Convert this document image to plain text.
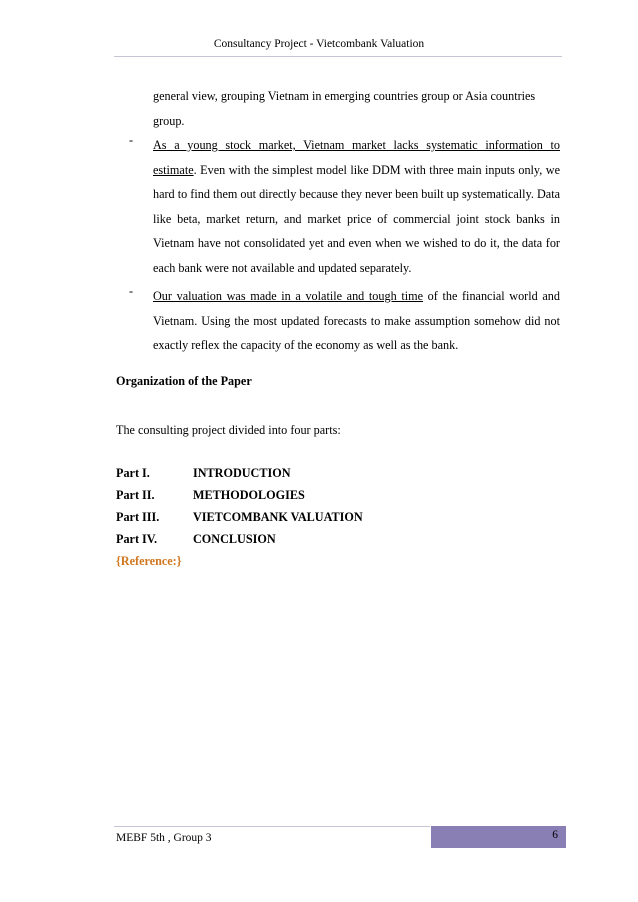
Consultancy Project - Vietcombank Valuation
general view, grouping Vietnam in emerging countries group or Asia countries
group.
- As a young stock market, Vietnam market lacks systematic information to estimate. Even with the simplest model like DDM with three main inputs only, we hard to find them out directly because they never been built up systematically. Data like beta, market return, and market price of commercial joint stock banks in Vietnam have not consolidated yet and even when we wished to do it, the data for each bank were not available and updated separately.
- Our valuation was made in a volatile and tough time of the financial world and Vietnam. Using the most updated forecasts to make assumption somehow did not exactly reflex the capacity of the economy as well as the bank.
Organization of the Paper
The consulting project divided into four parts:
Part I.	INTRODUCTION
Part II.	METHODOLOGIES
Part III.	VIETCOMBANK VALUATION
Part IV.	CONCLUSION
{Reference:}
MEBF 5th , Group 3	6
